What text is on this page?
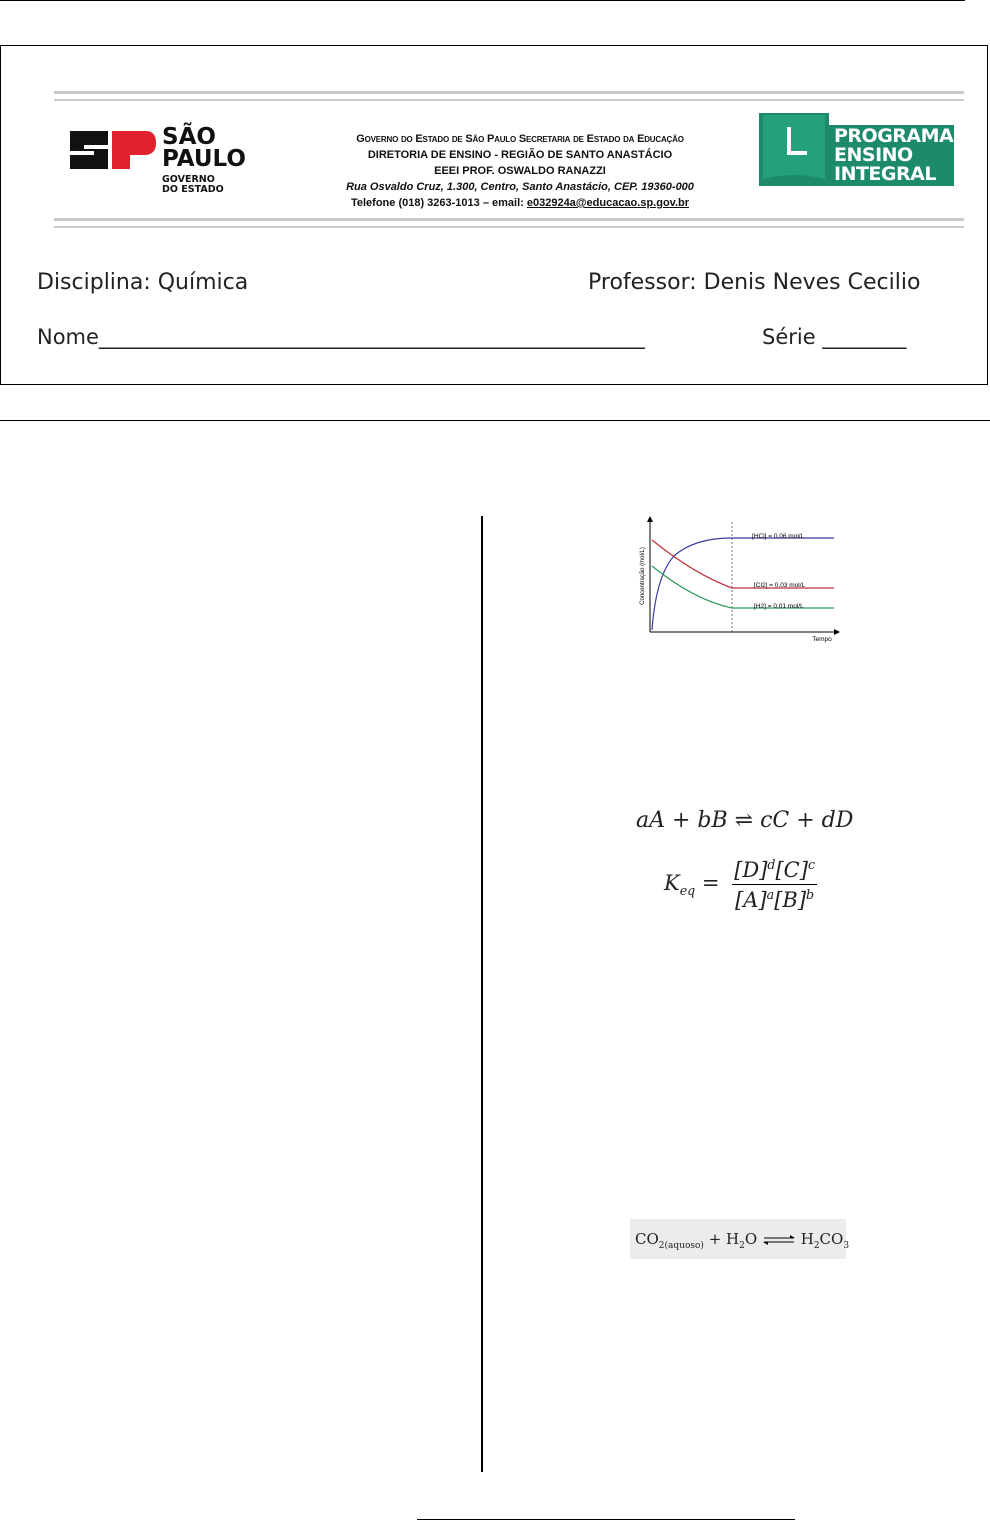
SÃO
PAULO
GOVERNO
DO ESTADO
Governo do Estado de São Paulo Secretaria de Estado da Educação
DIRETORIA DE ENSINO - REGIÃO DE SANTO ANASTÁCIO
EEEI PROF. OSWALDO RANAZZI
Rua Osvaldo Cruz, 1.300, Centro, Santo Anastácio, CEP. 19360-000
Telefone (018) 3263-1013 – email: e032924a@educacao.sp.gov.br
PROGRAMA
ENSINO
INTEGRAL
Disciplina: Química	Professor: Denis Neves Cecilio
Nome____________________________________________________	Série ________
Concentração (mol/L)
Tempo
[HCl] = 0,06 mol/L
[Cl2] = 0,03 mol/L
[H2] = 0,01 mol/L
aA + bB ⇌ cC + dD
$K_{eq} = \frac{[D]^d[C]^c}{[A]^a[B]^b}$
$CO_{2(aquoso)} + H_2O$ ⇌ $H_2CO_3$
